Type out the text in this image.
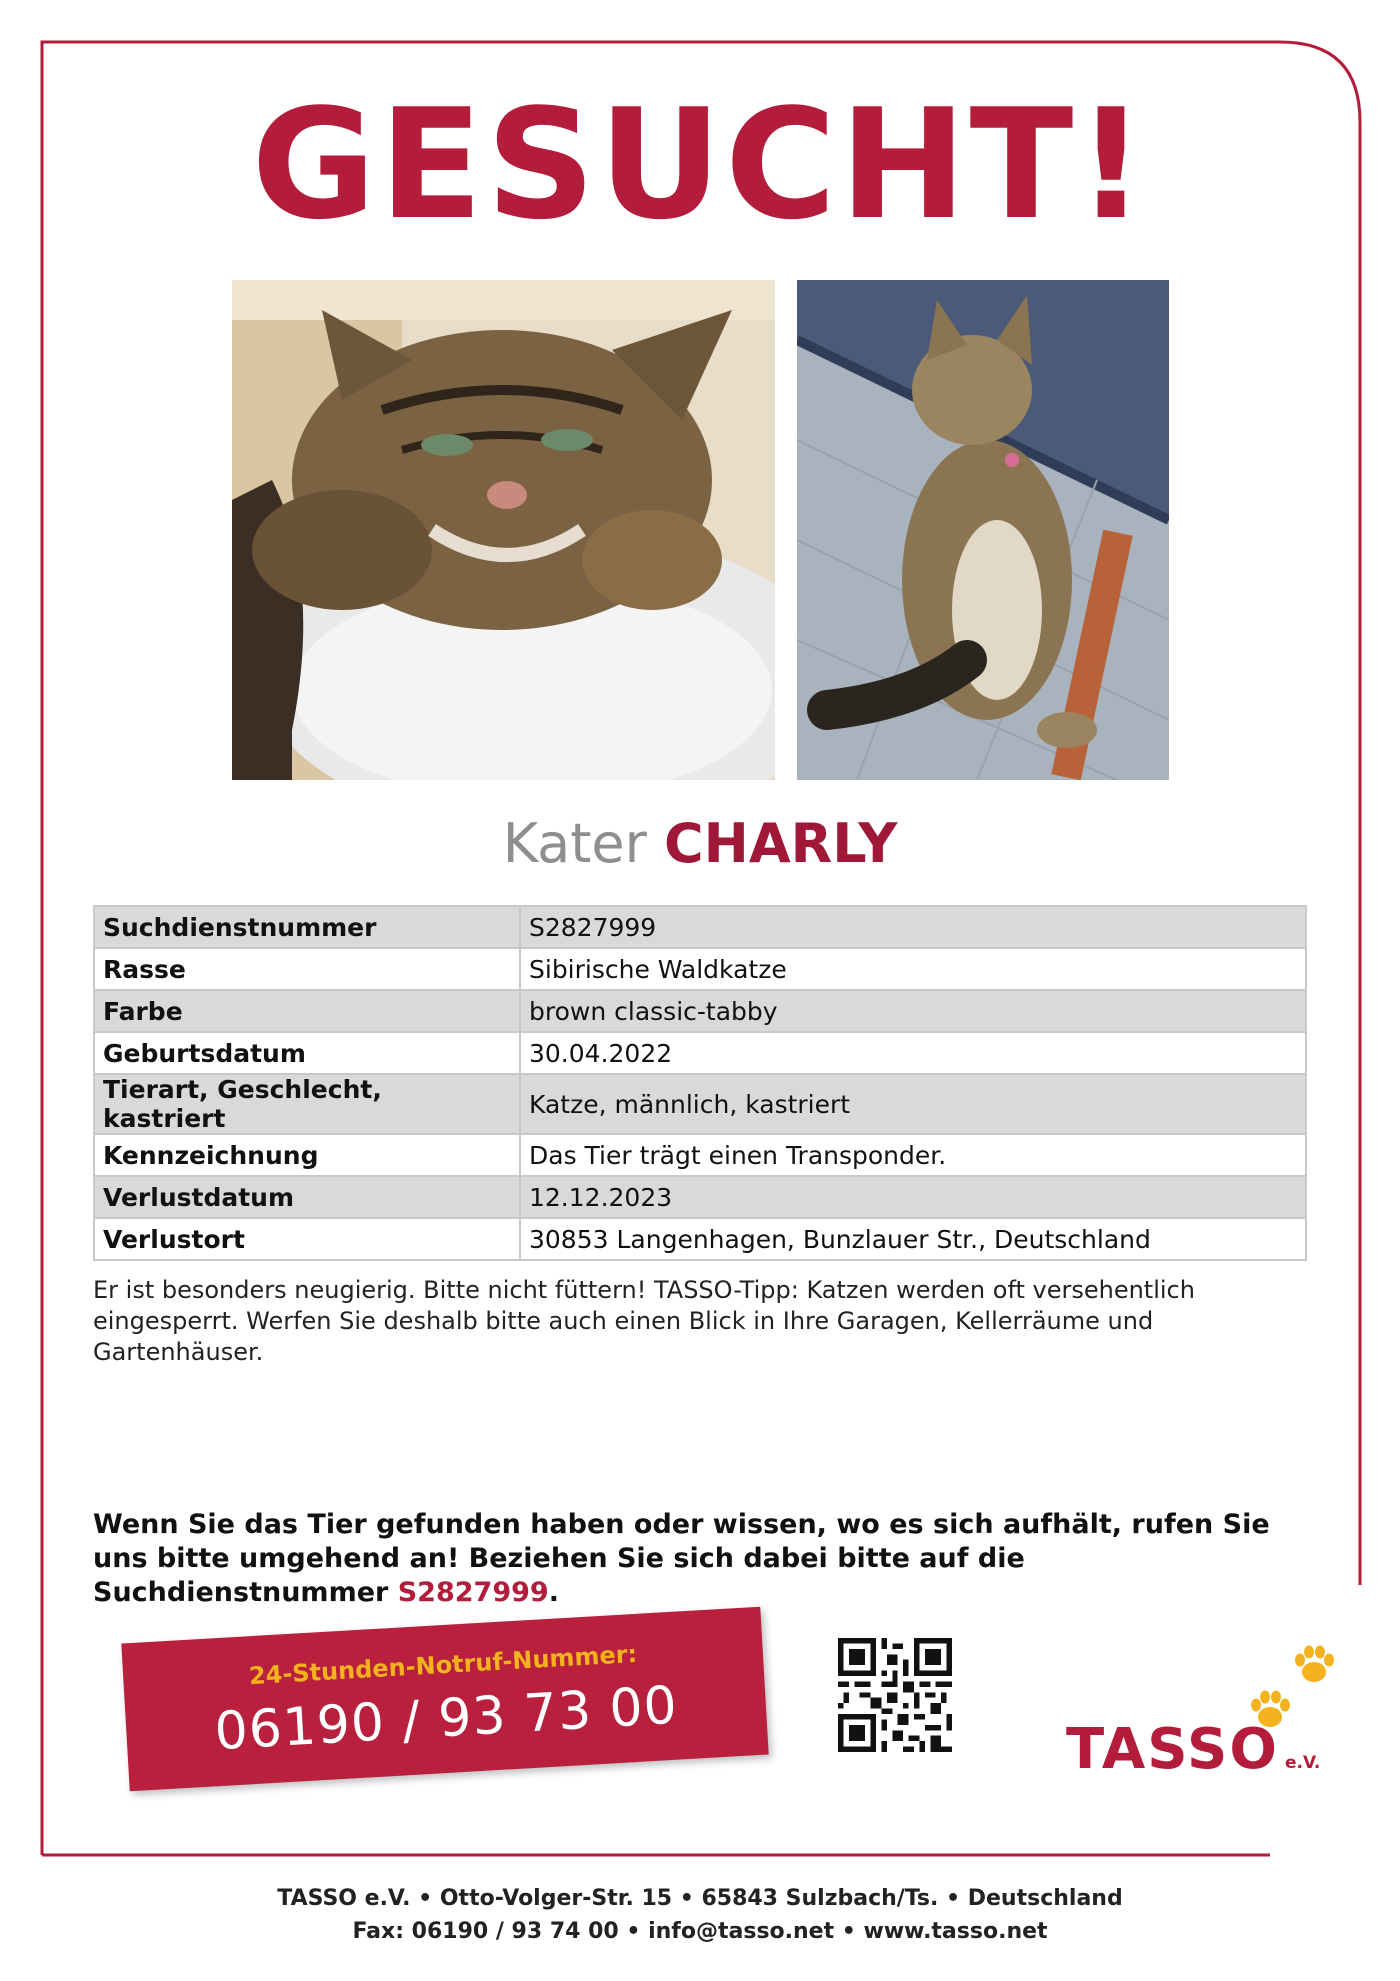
GESUCHT!
Kater CHARLY
Suchdienstnummer	S2827999
Rasse	Sibirische Waldkatze
Farbe	brown classic-tabby
Geburtsdatum	30.04.2022
Tierart, Geschlecht, kastriert	Katze, männlich, kastriert
Kennzeichnung	Das Tier trägt einen Transponder.
Verlustdatum	12.12.2023
Verlustort	30853 Langenhagen, Bunzlauer Str., Deutschland
Er ist besonders neugierig. Bitte nicht füttern! TASSO-Tipp: Katzen werden oft versehentlich eingesperrt. Werfen Sie deshalb bitte auch einen Blick in Ihre Garagen, Kellerräume und Gartenhäuser.
Wenn Sie das Tier gefunden haben oder wissen, wo es sich aufhält, rufen Sie uns bitte umgehend an! Beziehen Sie sich dabei bitte auf die Suchdienstnummer S2827999.
24-Stunden-Notruf-Nummer:
06190 / 93 73 00	TASSO e.V.
TASSO e.V. • Otto-Volger-Str. 15 • 65843 Sulzbach/Ts. • Deutschland
Fax: 06190 / 93 74 00 • info@tasso.net • www.tasso.net
